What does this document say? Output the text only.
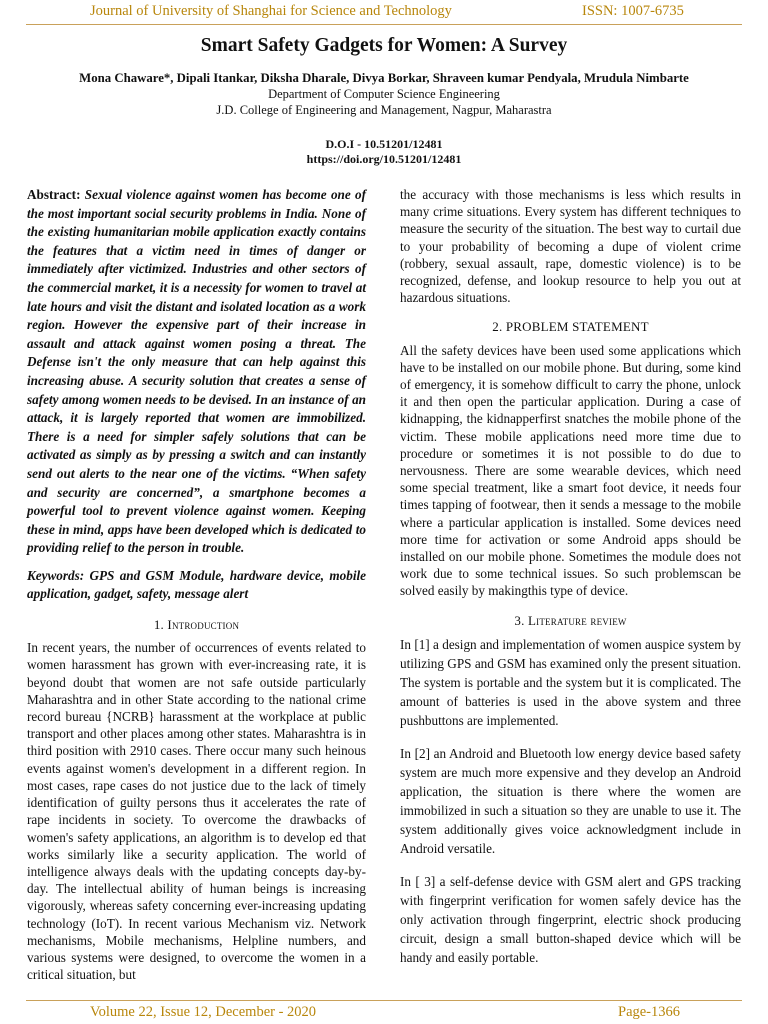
Journal of University of Shanghai for Science and Technology	ISSN: 1007-6735
Smart Safety Gadgets for Women: A Survey
Mona Chaware*, Dipali Itankar, Diksha Dharale, Divya Borkar, Shraveen kumar Pendyala, Mrudula Nimbarte
Department of Computer Science Engineering
J.D. College of Engineering and Management, Nagpur, Maharastra
D.O.I - 10.51201/12481
https://doi.org/10.51201/12481

Abstract: Sexual violence against women has become one of the most important social security problems in India. None of the existing humanitarian mobile application exactly contains the features that a victim need in times of danger or immediately after victimized. Industries and other sectors of the commercial market, it is a necessity for women to travel at late hours and visit the distant and isolated location as a work region. However the expensive part of their increase in assault and attack against women posing a threat. The Defense isn't the only measure that can help against this increasing abuse. A security solution that creates a sense of safety among women needs to be devised. In an instance of an attack, it is largely reported that women are immobilized. There is a need for simpler safely solutions that can be activated as simply as by pressing a switch and can instantly send out alerts to the near one of the victims. “When safety and security are concerned”, a smartphone becomes a powerful tool to prevent violence against women. Keeping these in mind, apps have been developed which is dedicated to providing relief to the person in trouble.

Keywords: GPS and GSM Module, hardware device, mobile application, gadget, safety, message alert

1. Introduction

In recent years, the number of occurrences of events related to women harassment has grown with ever-increasing rate, it is beyond doubt that women are not safe outside particularly Maharashtra and in other State according to the national crime record bureau {NCRB} harassment at the workplace at public transport and other places among other states. Maharashtra is in third position with 2910 cases. There occur many such heinous events against women's development in a different region. In most cases, rape cases do not justice due to the lack of timely identification of guilty persons thus it accelerates the rate of rape incidents in society. To overcome the drawbacks of women's safety applications, an algorithm is to develop ed that works similarly like a security application. The world of intelligence always deals with the updating concepts day-by-day. The intellectual ability of human beings is increasing vigorously, whereas safety concerning ever-increasing updating technology (IoT). In recent various Mechanism viz. Network mechanisms, Mobile mechanisms, Helpline numbers, and various systems were designed, to overcome the women in a critical situation, but

the accuracy with those mechanisms is less which results in many crime situations. Every system has different techniques to measure the security of the situation. The best way to curtail due to your probability of becoming a dupe of violent crime (robbery, sexual assault, rape, domestic violence) is to be recognized, defense, and lookup resource to help you out at hazardous situations.

2. PROBLEM STATEMENT

All the safety devices have been used some applications which have to be installed on our mobile phone. But during, some kind of emergency, it is somehow difficult to carry the phone, unlock it and then open the particular application. During a case of kidnapping, the kidnapperfirst snatches the mobile phone of the victim. These mobile applications need more time due to procedure or sometimes it is not possible to do due to nervousness. There are some wearable devices, which need some special treatment, like a smart foot device, it needs four times tapping of footwear, then it sends a message to the mobile where a particular application is installed. Some devices need more time for activation or some Android apps should be installed on our mobile phone. Sometimes the module does not work due to some technical issues. So such problemscan be solved easily by makingthis type of device.

3. Literature review

In [1] a design and implementation of women auspice system by utilizing GPS and GSM has examined only the present situation. The system is portable and the system but it is complicated. The amount of batteries is used in the above system and three pushbuttons are implemented.

In [2] an Android and Bluetooth low energy device based safety system are much more expensive and they develop an Android application, the situation is there where the women are immobilized in such a situation so they are unable to use it. The system additionally gives voice acknowledgment include in Android versatile.

In [ 3] a self-defense device with GSM alert and GPS tracking with fingerprint verification for women safely device has the only activation through fingerprint, electric shock producing circuit, design a small button-shaped device which will be handy and easily portable.

Volume 22, Issue 12, December - 2020	Page-1366
